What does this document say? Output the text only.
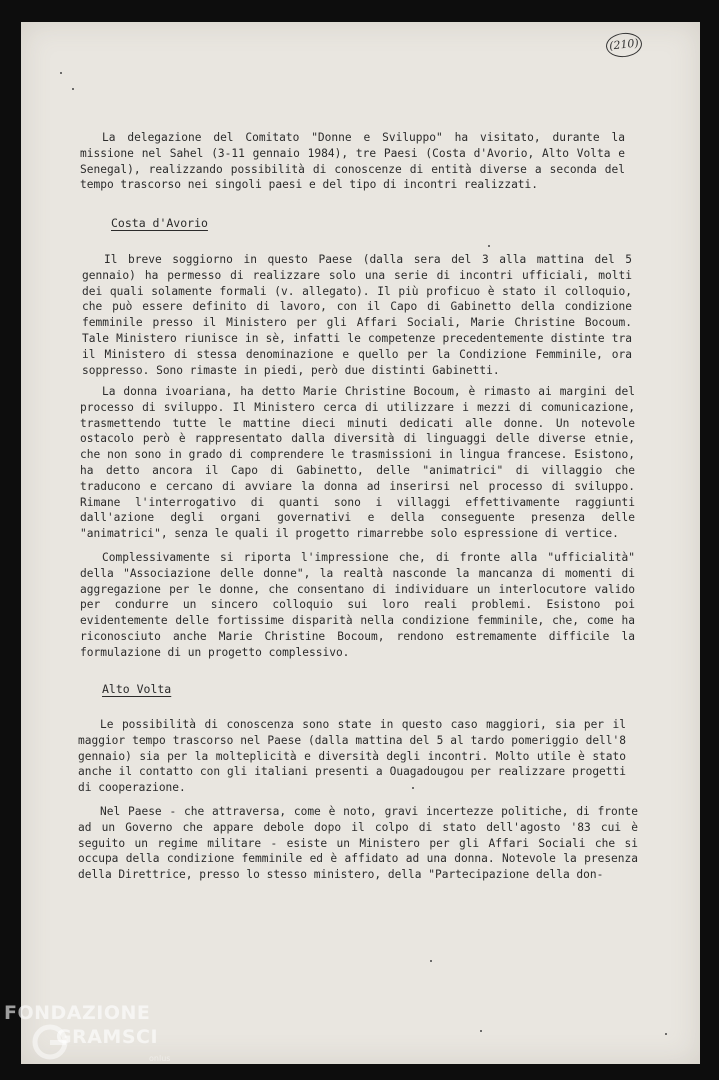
(210)

La delegazione del Comitato "Donne e Sviluppo" ha visitato, durante la missione nel Sahel (3-11 gennaio 1984), tre Paesi (Costa d'Avorio, Alto Volta e Senegal), realizzando possibilità di conoscenze di entità diverse a seconda del tempo trascorso nei singoli paesi e del tipo di incontri realizzati.

Costa d'Avorio

Il breve soggiorno in questo Paese (dalla sera del 3 alla mattina del 5 gennaio) ha permesso di realizzare solo una serie di incontri ufficiali, molti dei quali solamente formali (v. allegato). Il più proficuo è stato il colloquio, che può essere definito di lavoro, con il Capo di Gabinetto della condizione femminile presso il Ministero per gli Affari Sociali, Marie Christine Bocoum. Tale Ministero riunisce in sè, infatti le competenze precedentemente distinte tra il Ministero di stessa denominazione e quello per la Condizione Femminile, ora soppresso. Sono rimaste in piedi, però due distinti Gabinetti.

La donna ivoariana, ha detto Marie Christine Bocoum, è rimasto ai margini del processo di sviluppo. Il Ministero cerca di utilizzare i mezzi di comunicazione, trasmettendo tutte le mattine dieci minuti dedicati alle donne. Un notevole ostacolo però è rappresentato dalla diversità di linguaggi delle diverse etnie, che non sono in grado di comprendere le trasmissioni in lingua francese. Esistono, ha detto ancora il Capo di Gabinetto, delle "animatrici" di villaggio che traducono e cercano di avviare la donna ad inserirsi nel processo di sviluppo. Rimane l'interrogativo di quanti sono i villaggi effettivamente raggiunti dall'azione degli organi governativi e della conseguente presenza delle "animatrici", senza le quali il progetto rimarrebbe solo espressione di vertice.

Complessivamente si riporta l'impressione che, di fronte alla "ufficialità" della "Associazione delle donne", la realtà nasconde la mancanza di momenti di aggregazione per le donne, che consentano di individuare un interlocutore valido per condurre un sincero colloquio sui loro reali problemi. Esistono poi evidentemente delle fortissime disparità nella condizione femminile, che, come ha riconosciuto anche Marie Christine Bocoum, rendono estremamente difficile la formulazione di un progetto complessivo.

Alto Volta

Le possibilità di conoscenza sono state in questo caso maggiori, sia per il maggior tempo trascorso nel Paese (dalla mattina del 5 al tardo pomeriggio dell'8 gennaio) sia per la molteplicità e diversità degli incontri. Molto utile è stato anche il contatto con gli italiani presenti a Ouagadougou per realizzare progetti di cooperazione.

Nel Paese - che attraversa, come è noto, gravi incertezze politiche, di fronte ad un Governo che appare debole dopo il colpo di stato dell'agosto '83 cui è seguito un regime militare - esiste un Ministero per gli Affari Sociali che si occupa della condizione femminile ed è affidato ad una donna. Notevole la presenza della Direttrice, presso lo stesso ministero, della "Partecipazione della don-

FONDAZIONE
GRAMSCI
onlus
